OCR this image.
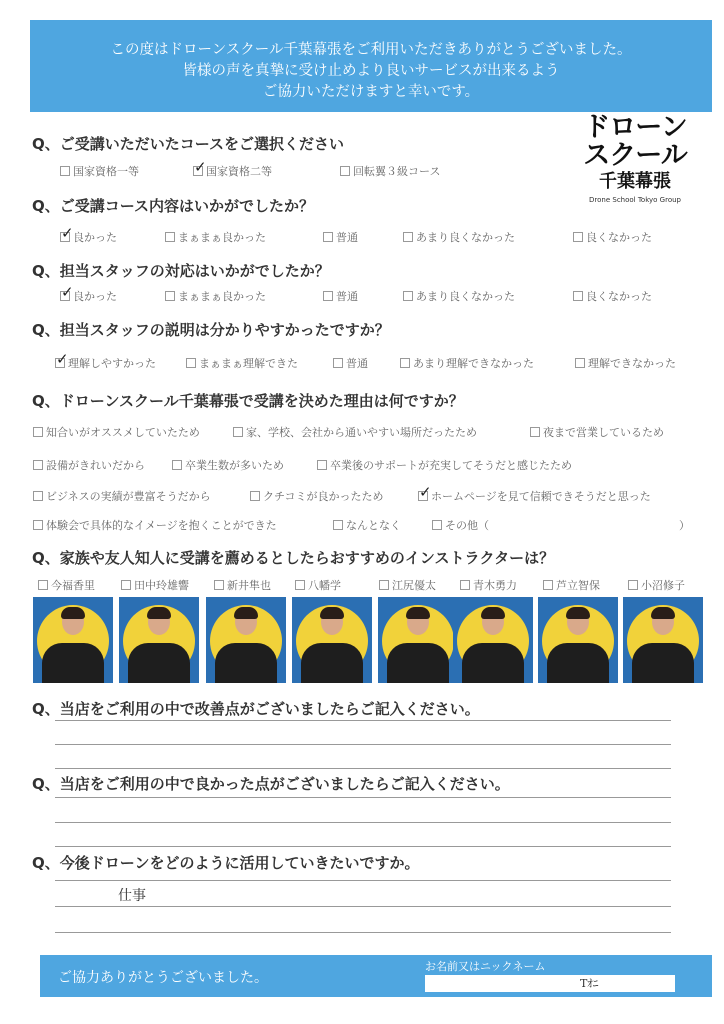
この度はドローンスクール千葉幕張をご利用いただきありがとうございました。
皆様の声を真摯に受け止めより良いサービスが出来るよう
ご協力いただけますと幸いです。
ドローン
スクール
千葉幕張
Drone School Tokyo Group
Q、ご受講いただいたコースをご選択ください
国家資格一等 ✓	国家資格二等	回転翼３級コース
Q、ご受講コース内容はいかがでしたか？
✓良かった	まぁまぁ良かった	普通	あまり良くなかった	良くなかった
Q、担当スタッフの対応はいかがでしたか？
✓良かった	まぁまぁ良かった	普通	あまり良くなかった	良くなかった
Q、担当スタッフの説明は分かりやすかったですか？
✓理解しやすかった	まぁまぁ理解できた	普通	あまり理解できなかった	理解できなかった
Q、ドローンスクール千葉幕張で受講を決めた理由は何ですか？
知合いがオススメしていたため	家、学校、会社から通いやすい場所だったため	夜まで営業しているため
設備がきれいだから	卒業生数が多いため	卒業後のサポートが充実してそうだと感じたため
ビジネスの実績が豊富そうだから	クチコミが良かったため ✓	ホームページを見て信頼できそうだと思った
体験会で具体的なイメージを抱くことができた	なんとなく	その他（	）
Q、家族や友人知人に受講を薦めるとしたらおすすめのインストラクターは？
今福香里	田中玲雄響	新井隼也	八幡学	江尻優太	青木勇力	芦立智保	小沼修子
Q、当店をご利用の中で改善点がございましたらご記入ください。
Q、当店をご利用の中で良かった点がございましたらご記入ください。
Q、今後ドローンをどのように活用していきたいですか。
仕事
ご協力ありがとうございました。
お名前又はニックネーム
Tｵﾆ
